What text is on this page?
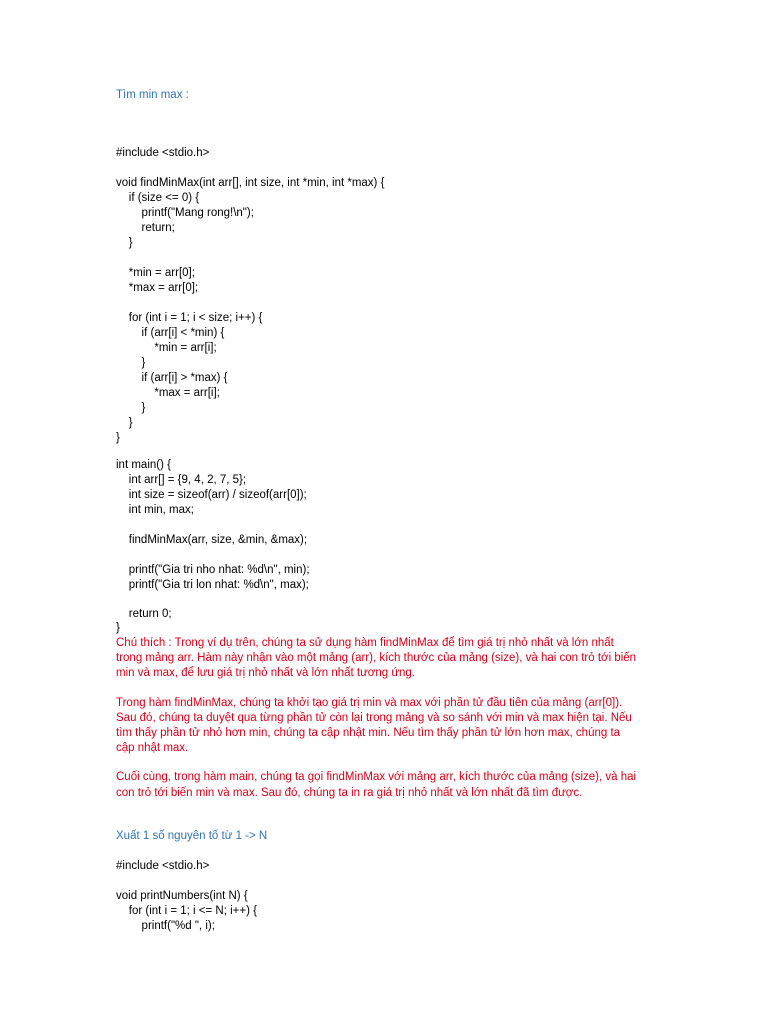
Tìm min max :
#include <stdio.h>
void findMinMax(int arr[], int size, int *min, int *max) {
if (size <= 0) {
printf("Mang rong!\n");
return;
}
*min = arr[0];
*max = arr[0];
for (int i = 1; i < size; i++) {
if (arr[i] < *min) {
*min = arr[i];
}
if (arr[i] > *max) {
*max = arr[i];
}
}
}
int main() {
int arr[] = {9, 4, 2, 7, 5};
int size = sizeof(arr) / sizeof(arr[0]);
int min, max;
findMinMax(arr, size, &min, &max);
printf("Gia tri nho nhat: %d\n", min);
printf("Gia tri lon nhat: %d\n", max);
return 0;
}
Chú thích : Trong ví dụ trên, chúng ta sử dụng hàm findMinMax để tìm giá trị nhỏ nhất và lớn nhất
trong mảng arr. Hàm này nhận vào một mảng (arr), kích thước của mảng (size), và hai con trỏ tới biến
min và max, để lưu giá trị nhỏ nhất và lớn nhất tương ứng.
Trong hàm findMinMax, chúng ta khởi tạo giá trị min và max với phần tử đầu tiên của mảng (arr[0]).
Sau đó, chúng ta duyệt qua từng phần tử còn lại trong mảng và so sánh với min và max hiện tại. Nếu
tìm thấy phần tử nhỏ hơn min, chúng ta cập nhật min. Nếu tìm thấy phần tử lớn hơn max, chúng ta
cập nhật max.
Cuối cùng, trong hàm main, chúng ta gọi findMinMax với mảng arr, kích thước của mảng (size), và hai
con trỏ tới biến min và max. Sau đó, chúng ta in ra giá trị nhỏ nhất và lớn nhất đã tìm được.
Xuất 1 số nguyên tố từ 1 -> N
#include <stdio.h>
void printNumbers(int N) {
for (int i = 1; i <= N; i++) {
printf("%d ", i);
